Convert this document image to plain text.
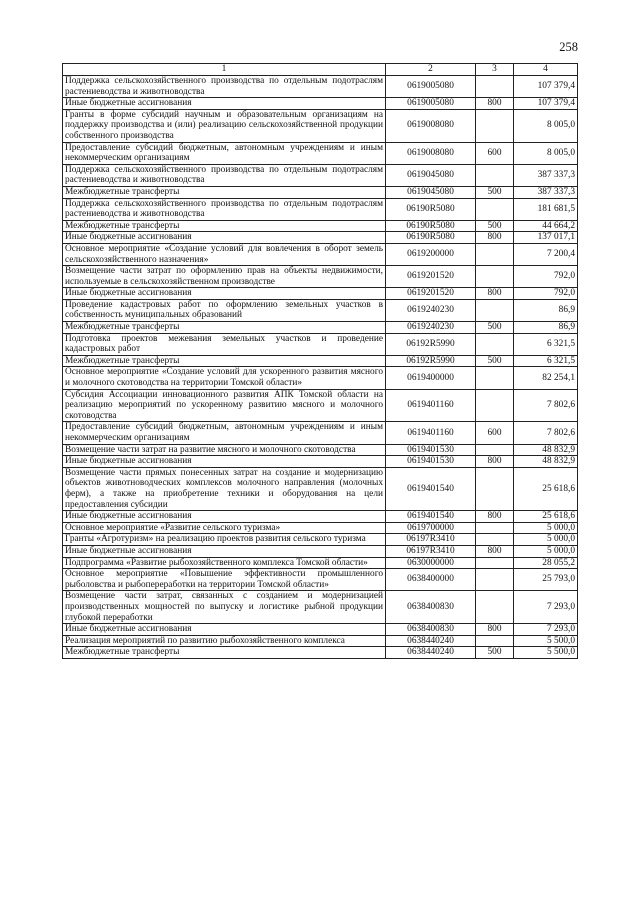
258
1	2	3	4
Поддержка сельскохозяйственного производства по отдельным подотраслям растениеводства и животноводства	0619005080		107 379,4
Иные бюджетные ассигнования	0619005080	800	107 379,4
Гранты в форме субсидий научным и образовательным организациям на поддержку производства и (или) реализацию сельскохозяйственной продукции собственного производства	0619008080		8 005,0
Предоставление субсидий бюджетным, автономным учреждениям и иным некоммерческим организациям	0619008080	600	8 005,0
Поддержка сельскохозяйственного производства по отдельным подотраслям растениеводства и животноводства	0619045080		387 337,3
Межбюджетные трансферты	0619045080	500	387 337,3
Поддержка сельскохозяйственного производства по отдельным подотраслям растениеводства и животноводства	06190R5080		181 681,5
Межбюджетные трансферты	06190R5080	500	44 664,2
Иные бюджетные ассигнования	06190R5080	800	137 017,1
Основное мероприятие «Создание условий для вовлечения в оборот земель сельскохозяйственного назначения»	0619200000		7 200,4
Возмещение части затрат по оформлению прав на объекты недвижимости, используемые в сельскохозяйственном производстве	0619201520		792,0
Иные бюджетные ассигнования	0619201520	800	792,0
Проведение кадастровых работ по оформлению земельных участков в собственность муниципальных образований	0619240230		86,9
Межбюджетные трансферты	0619240230	500	86,9
Подготовка проектов межевания земельных участков и проведение кадастровых работ	06192R5990		6 321,5
Межбюджетные трансферты	06192R5990	500	6 321,5
Основное мероприятие «Создание условий для ускоренного развития мясного и молочного скотоводства на территории Томской области»	0619400000		82 254,1
Субсидия Ассоциации инновационного развития АПК Томской области на реализацию мероприятий по ускоренному развитию мясного и молочного скотоводства	0619401160		7 802,6
Предоставление субсидий бюджетным, автономным учреждениям и иным некоммерческим организациям	0619401160	600	7 802,6
Возмещение части затрат на развитие мясного и молочного скотоводства	0619401530		48 832,9
Иные бюджетные ассигнования	0619401530	800	48 832,9
Возмещение части прямых понесенных затрат на создание и модернизацию объектов животноводческих комплексов молочного направления (молочных ферм), а также на приобретение техники и оборудования на цели предоставления субсидии	0619401540		25 618,6
Иные бюджетные ассигнования	0619401540	800	25 618,6
Основное мероприятие «Развитие сельского туризма»	0619700000		5 000,0
Гранты «Агротуризм» на реализацию проектов развития сельского туризма	06197R3410		5 000,0
Иные бюджетные ассигнования	06197R3410	800	5 000,0
Подпрограмма «Развитие рыбохозяйственного комплекса Томской области»	0630000000		28 055,2
Основное мероприятие «Повышение эффективности промышленного рыболовства и рыбопереработки на территории Томской области»	0638400000		25 793,0
Возмещение части затрат, связанных с созданием и модернизацией производственных мощностей по выпуску и логистике рыбной продукции глубокой переработки	0638400830		7 293,0
Иные бюджетные ассигнования	0638400830	800	7 293,0
Реализация мероприятий по развитию рыбохозяйственного комплекса	0638440240		5 500,0
Межбюджетные трансферты	0638440240	500	5 500,0
